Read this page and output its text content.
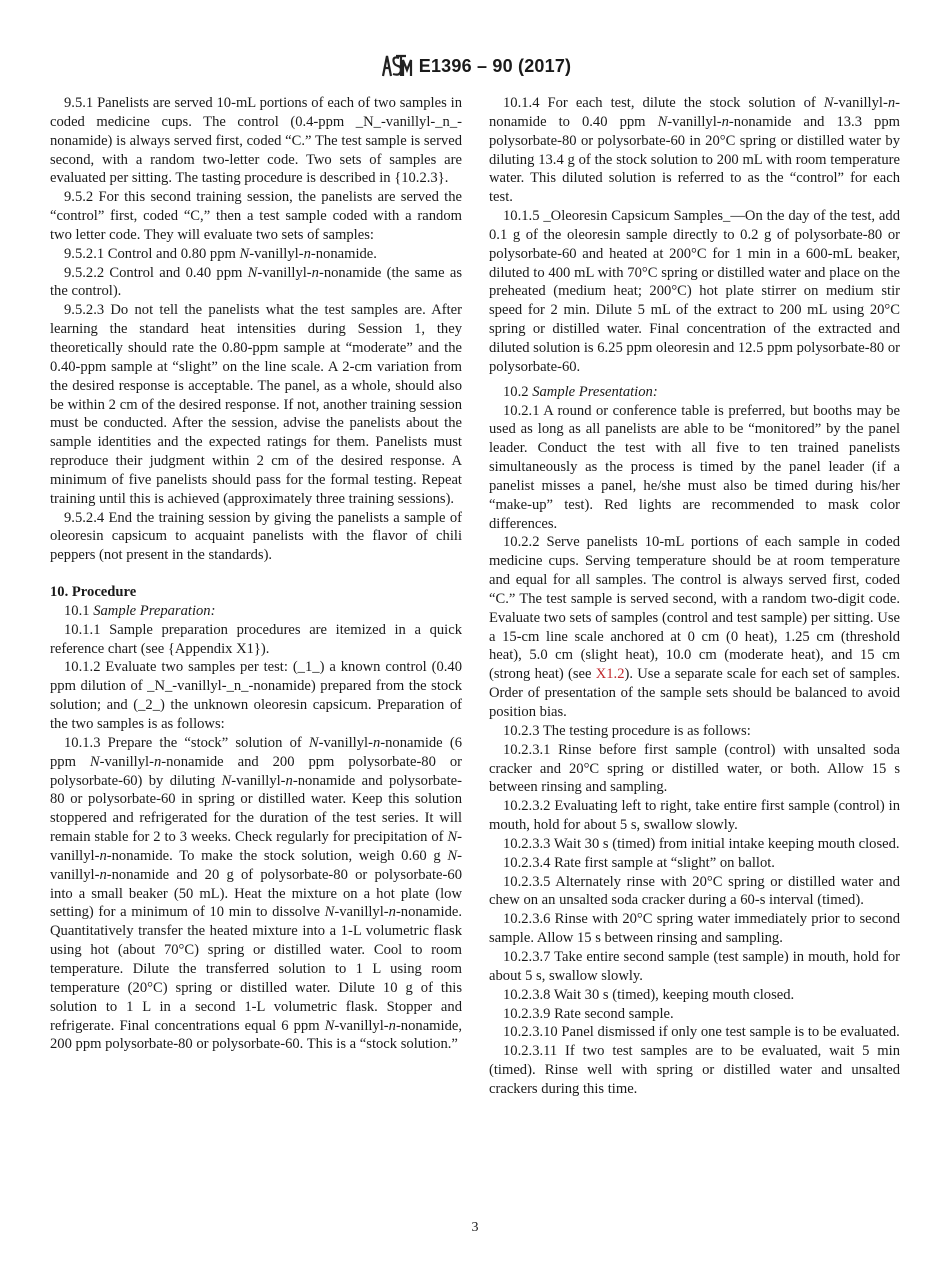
E1396 – 90 (2017)

9.5.1 Panelists are served 10-mL portions of each of two samples in coded medicine cups. The control (0.4-ppm _N_-vanillyl-_n_-nonamide) is always served first, coded “C.” The test sample is served second, with a random two-letter code. Two sets of samples are evaluated per sitting. The tasting procedure is described in {10.2.3}.

9.5.2 For this second training session, the panelists are served the “control” first, coded “C,” then a test sample coded with a random two letter code. They will evaluate two sets of samples:

9.5.2.1 Control and 0.80 ppm N-vanillyl-n-nonamide.

9.5.2.2 Control and 0.40 ppm N-vanillyl-n-nonamide (the same as the control).

9.5.2.3 Do not tell the panelists what the test samples are. After learning the standard heat intensities during Session 1, they theoretically should rate the 0.80-ppm sample at “moderate” and the 0.40-ppm sample at “slight” on the line scale. A 2-cm variation from the desired response is acceptable. The panel, as a whole, should also be within 2 cm of the desired response. If not, another training session must be conducted. After the session, advise the panelists about the sample identities and the expected ratings for them. Panelists must reproduce their judgment within 2 cm of the desired response. A minimum of five panelists should pass for the formal testing. Repeat training until this is achieved (approximately three training sessions).

9.5.2.4 End the training session by giving the panelists a sample of oleoresin capsicum to acquaint panelists with the flavor of chili peppers (not present in the standards).

10. Procedure

10.1 Sample Preparation:

10.1.1 Sample preparation procedures are itemized in a quick reference chart (see {Appendix X1}).

10.1.2 Evaluate two samples per test: (_1_) a known control (0.40 ppm dilution of _N_-vanillyl-_n_-nonamide) prepared from the stock solution; and (_2_) the unknown oleoresin capsicum. Preparation of the two samples is as follows:

10.1.3 Prepare the “stock” solution of N-vanillyl-n-nonamide (6 ppm N-vanillyl-n-nonamide and 200 ppm polysorbate-80 or polysorbate-60) by diluting N-vanillyl-n-nonamide and polysorbate-80 or polysorbate-60 in spring or distilled water. Keep this solution stoppered and refrigerated for the duration of the test series. It will remain stable for 2 to 3 weeks. Check regularly for precipitation of N-vanillyl-n-nonamide. To make the stock solution, weigh 0.60 g N-vanillyl-n-nonamide and 20 g of polysorbate-80 or polysorbate-60 into a small beaker (50 mL). Heat the mixture on a hot plate (low setting) for a minimum of 10 min to dissolve N-vanillyl-n-nonamide. Quantitatively transfer the heated mixture into a 1-L volumetric flask using hot (about 70°C) spring or distilled water. Cool to room temperature. Dilute the transferred solution to 1 L using room temperature (20°C) spring or distilled water. Dilute 10 g of this solution to 1 L in a second 1-L volumetric flask. Stopper and refrigerate. Final concentrations equal 6 ppm N-vanillyl-n-nonamide, 200 ppm polysorbate-80 or polysorbate-60. This is a “stock solution.”

10.1.4 For each test, dilute the stock solution of N-vanillyl-n-nonamide to 0.40 ppm N-vanillyl-n-nonamide and 13.3 ppm polysorbate-80 or polysorbate-60 in 20°C spring or distilled water by diluting 13.4 g of the stock solution to 200 mL with room temperature water. This diluted solution is referred to as the “control” for each test.

10.1.5 _Oleoresin Capsicum Samples_—On the day of the test, add 0.1 g of the oleoresin sample directly to 0.2 g of polysorbate-80 or polysorbate-60 and heated at 200°C for 1 min in a 600-mL beaker, diluted to 400 mL with 70°C spring or distilled water and place on the preheated (medium heat; 200°C) hot plate stirrer on medium stir speed for 2 min. Dilute 5 mL of the extract to 200 mL using 20°C spring or distilled water. Final concentration of the extracted and diluted solution is 6.25 ppm oleoresin and 12.5 ppm polysorbate-80 or polysorbate-60.

10.2 Sample Presentation:

10.2.1 A round or conference table is preferred, but booths may be used as long as all panelists are able to be “monitored” by the panel leader. Conduct the test with all five to ten trained panelists simultaneously as the process is timed by the panel leader (if a panelist misses a panel, he/she must also be timed during his/her “make-up” test). Red lights are recommended to mask color differences.

10.2.2 Serve panelists 10-mL portions of each sample in coded medicine cups. Serving temperature should be at room temperature and equal for all samples. The control is always served first, coded “C.” The test sample is served second, with a random two-digit code. Evaluate two sets of samples (control and test sample) per sitting. Use a 15-cm line scale anchored at 0 cm (0 heat), 1.25 cm (threshold heat), 5.0 cm (slight heat), 10.0 cm (moderate heat), and 15 cm (strong heat) (see X1.2). Use a separate scale for each set of samples. Order of presentation of the sample sets should be balanced to avoid position bias.

10.2.3 The testing procedure is as follows:

10.2.3.1 Rinse before first sample (control) with unsalted soda cracker and 20°C spring or distilled water, or both. Allow 15 s between rinsing and sampling.

10.2.3.2 Evaluating left to right, take entire first sample (control) in mouth, hold for about 5 s, swallow slowly.

10.2.3.3 Wait 30 s (timed) from initial intake keeping mouth closed.

10.2.3.4 Rate first sample at “slight” on ballot.

10.2.3.5 Alternately rinse with 20°C spring or distilled water and chew on an unsalted soda cracker during a 60-s interval (timed).

10.2.3.6 Rinse with 20°C spring water immediately prior to second sample. Allow 15 s between rinsing and sampling.

10.2.3.7 Take entire second sample (test sample) in mouth, hold for about 5 s, swallow slowly.

10.2.3.8 Wait 30 s (timed), keeping mouth closed.

10.2.3.9 Rate second sample.

10.2.3.10 Panel dismissed if only one test sample is to be evaluated.

10.2.3.11 If two test samples are to be evaluated, wait 5 min (timed). Rinse well with spring or distilled water and unsalted crackers during this time.

3
